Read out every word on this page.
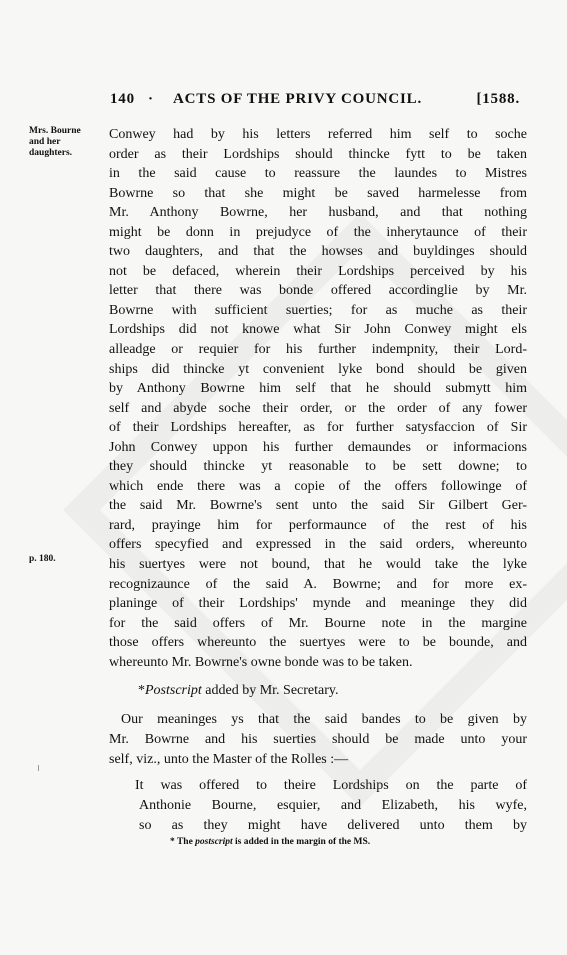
140 · ACTS OF THE PRIVY COUNCIL.	[1588.
Mrs. Bourne
and her
daughters.
p. 180.
Conwey had by his letters referred him self to soche
order as their Lordships should thincke fytt to be taken
in the said cause to reassure the laundes to Mistres
Bowrne so that she might be saved harmelesse from
Mr. Anthony Bowrne, her husband, and that nothing
might be donn in prejudyce of the inherytaunce of their
two daughters, and that the howses and buyldinges should
not be defaced, wherein their Lordships perceived by his
letter that there was bonde offered accordinglie by Mr.
Bowrne with sufficient suerties; for as muche as their
Lordships did not knowe what Sir John Conwey might els
alleadge or requier for his further indempnity, their Lord-
ships did thincke yt convenient lyke bond should be given
by Anthony Bowrne him self that he should submytt him
self and abyde soche their order, or the order of any fower
of their Lordships hereafter, as for further satysfaccion of Sir
John Conwey uppon his further demaundes or informacions
they should thincke yt reasonable to be sett downe; to
which ende there was a copie of the offers followinge of
the said Mr. Bowrne's sent unto the said Sir Gilbert Ger-
rard, prayinge him for performaunce of the rest of his
offers specyfied and expressed in the said orders, whereunto
his suertyes were not bound, that he would take the lyke
recognizaunce of the said A. Bowrne; and for more ex-
planinge of their Lordships' mynde and meaninge they did
for the said offers of Mr. Bourne note in the margine
those offers whereunto the suertyes were to be bounde, and
whereunto Mr. Bowrne's owne bonde was to be taken.
*Postscript added by Mr. Secretary.
Our meaninges ys that the said bandes to be given by
Mr. Bowrne and his suerties should be made unto your
self, viz., unto the Master of the Rolles :—
It was offered to theire Lordships on the parte of
Anthonie Bourne, esquier, and Elizabeth, his wyfe,
so as they might have delivered unto them by
* The postscript is added in the margin of the MS.
